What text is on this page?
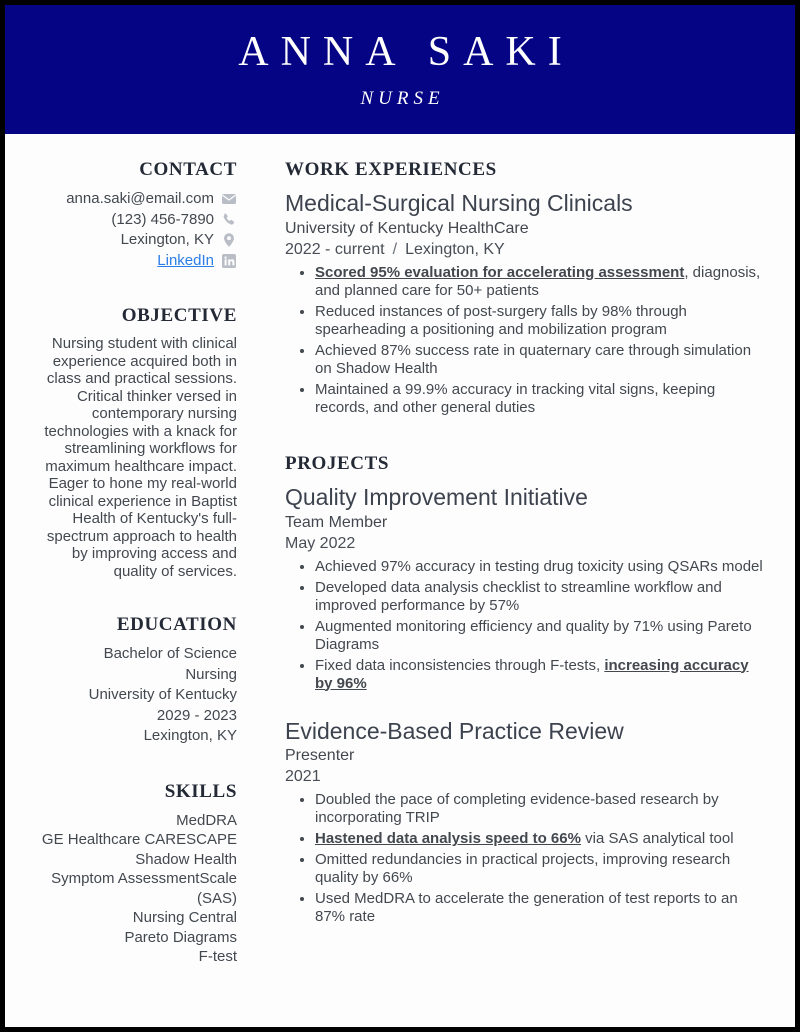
ANNA SAKI
NURSE
CONTACT
anna.saki@email.com
(123) 456-7890
Lexington, KY
LinkedIn
OBJECTIVE

Nursing student with clinical experience acquired both in class and practical sessions. Critical thinker versed in contemporary nursing technologies with a knack for streamlining workflows for maximum healthcare impact. Eager to hone my real-world clinical experience in Baptist Health of Kentucky's full-spectrum approach to health by improving access and quality of services.

EDUCATION
Bachelor of Science
Nursing
University of Kentucky
2029 - 2023
Lexington, KY
SKILLS
MedDRA
GE Healthcare CARESCAPE
Shadow Health
Symptom AssessmentScale (SAS)
Nursing Central
Pareto Diagrams
F-test
WORK EXPERIENCES
Medical-Surgical Nursing Clinicals
University of Kentucky HealthCare
2022 - current / Lexington, KY
• Scored 95% evaluation for accelerating assessment, diagnosis, and planned care for 50+ patients
• Reduced instances of post-surgery falls by 98% through spearheading a positioning and mobilization program
• Achieved 87% success rate in quaternary care through simulation on Shadow Health
• Maintained a 99.9% accuracy in tracking vital signs, keeping records, and other general duties
PROJECTS
Quality Improvement Initiative
Team Member
May 2022
• Achieved 97% accuracy in testing drug toxicity using QSARs model
• Developed data analysis checklist to streamline workflow and improved performance by 57%
• Augmented monitoring efficiency and quality by 71% using Pareto Diagrams
• Fixed data inconsistencies through F-tests, increasing accuracy by 96%
Evidence-Based Practice Review
Presenter
2021
• Doubled the pace of completing evidence-based research by incorporating TRIP
• Hastened data analysis speed to 66% via SAS analytical tool
• Omitted redundancies in practical projects, improving research quality by 66%
• Used MedDRA to accelerate the generation of test reports to an 87% rate
